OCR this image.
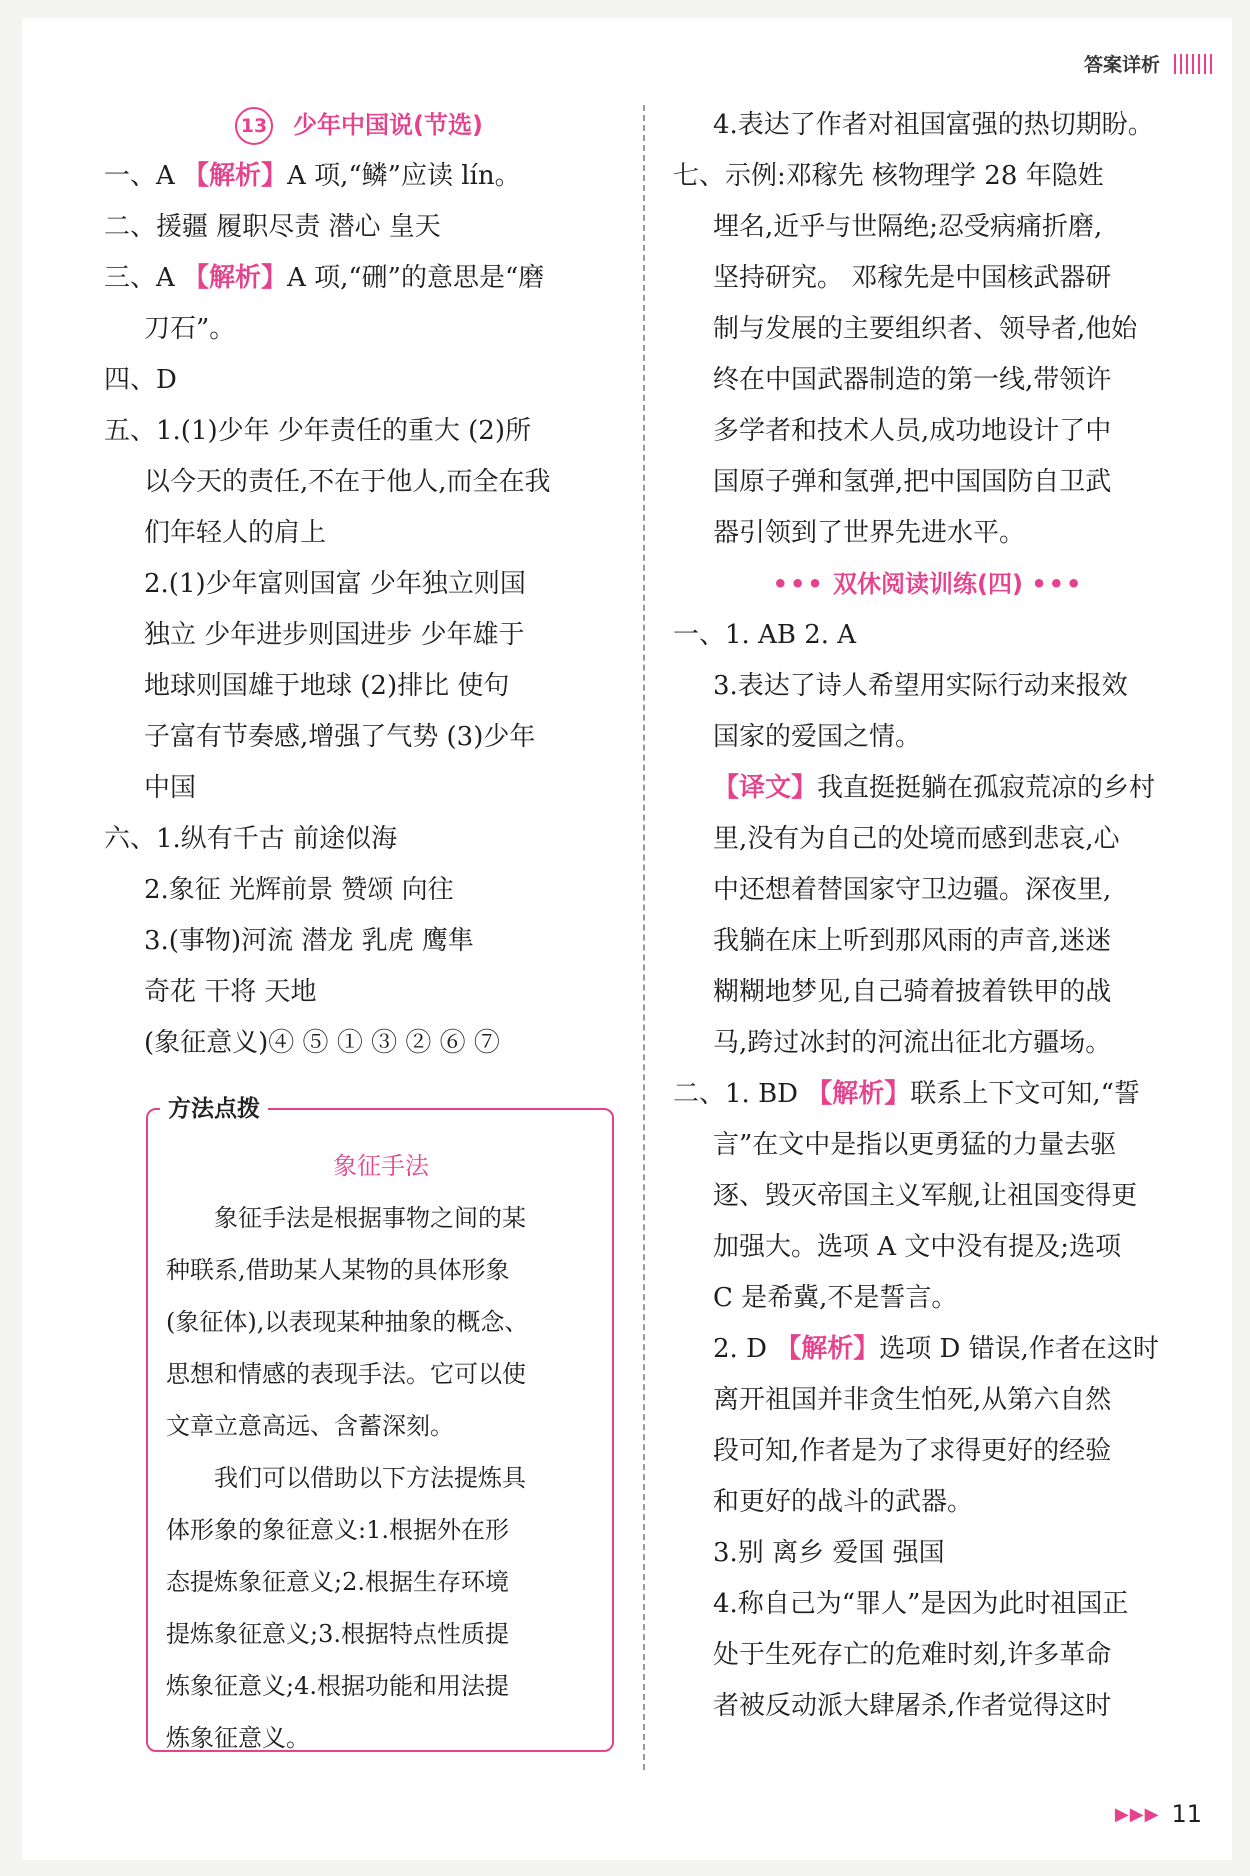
答案详析
13 少年中国说(节选)
一、A 【解析】A 项,“鳞”应读 lín。
二、援疆 履职尽责 潜心 皇天
三、A 【解析】A 项,“硎”的意思是“磨
刀石”。
四、D
五、1.(1)少年 少年责任的重大 (2)所
以今天的责任,不在于他人,而全在我
们年轻人的肩上
2.(1)少年富则国富 少年独立则国
独立 少年进步则国进步 少年雄于
地球则国雄于地球 (2)排比 使句
子富有节奏感,增强了气势 (3)少年
中国
六、1.纵有千古 前途似海
2.象征 光辉前景 赞颂 向往
3.(事物)河流 潜龙 乳虎 鹰隼
奇花 干将 天地
(象征意义)④ ⑤ ① ③ ② ⑥ ⑦
方法点拨
象征手法
象征手法是根据事物之间的某
种联系,借助某人某物的具体形象
(象征体),以表现某种抽象的概念、
思想和情感的表现手法。它可以使
文章立意高远、含蓄深刻。
我们可以借助以下方法提炼具
体形象的象征意义:1.根据外在形
态提炼象征意义;2.根据生存环境
提炼象征意义;3.根据特点性质提
炼象征意义;4.根据功能和用法提
炼象征意义。
4.表达了作者对祖国富强的热切期盼。
七、示例:邓稼先 核物理学 28 年隐姓
埋名,近乎与世隔绝;忍受病痛折磨,
坚持研究。 邓稼先是中国核武器研
制与发展的主要组织者、领导者,他始
终在中国武器制造的第一线,带领许
多学者和技术人员,成功地设计了中
国原子弹和氢弹,把中国国防自卫武
器引领到了世界先进水平。
••• 双休阅读训练(四) •••
一、1. AB 2. A
3.表达了诗人希望用实际行动来报效
国家的爱国之情。
【译文】我直挺挺躺在孤寂荒凉的乡村
里,没有为自己的处境而感到悲哀,心
中还想着替国家守卫边疆。深夜里,
我躺在床上听到那风雨的声音,迷迷
糊糊地梦见,自己骑着披着铁甲的战
马,跨过冰封的河流出征北方疆场。
二、1. BD 【解析】联系上下文可知,“誓
言”在文中是指以更勇猛的力量去驱
逐、毁灭帝国主义军舰,让祖国变得更
加强大。选项 A 文中没有提及;选项
C 是希冀,不是誓言。
2. D 【解析】选项 D 错误,作者在这时
离开祖国并非贪生怕死,从第六自然
段可知,作者是为了求得更好的经验
和更好的战斗的武器。
3.别 离乡 爱国 强国
4.称自己为“罪人”是因为此时祖国正
处于生死存亡的危难时刻,许多革命
者被反动派大肆屠杀,作者觉得这时
▶▶▶ 11
